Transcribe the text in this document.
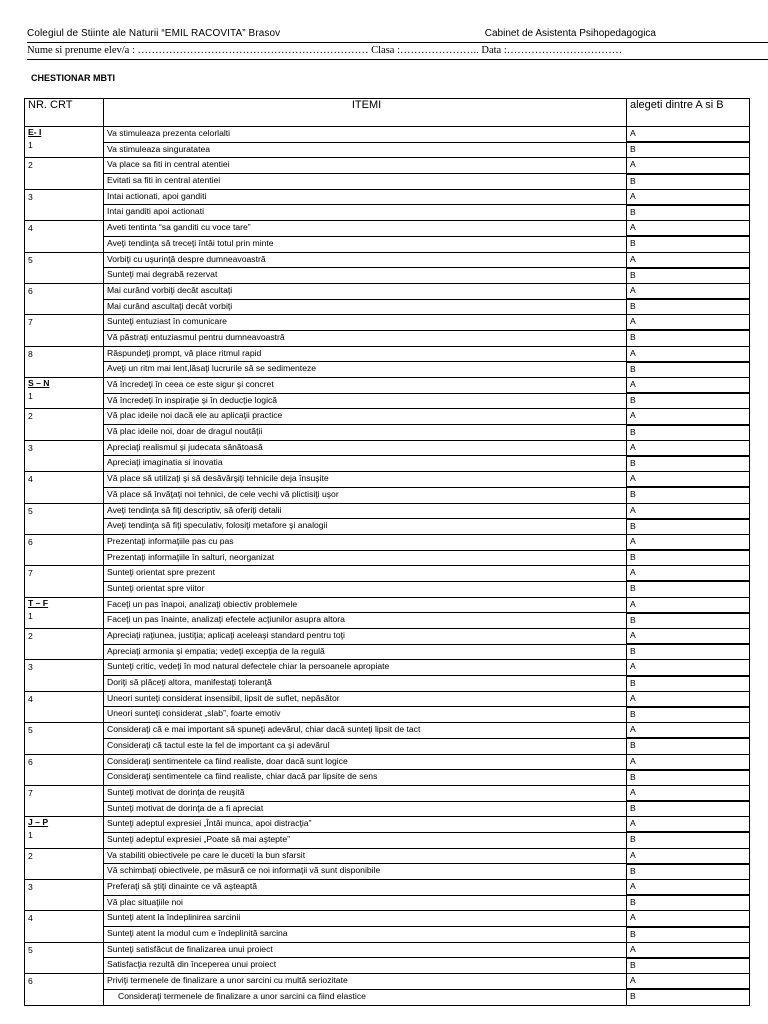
Colegiul de Stiinte ale Naturii “EMIL RACOVITA” Brasov	Cabinet de Asistenta Psihopedagogica
Nume si prenume elev/a : ………………………………………………………… Clasa :………………….. Data :……………………………
CHESTIONAR MBTI
NR. CRT	ITEMI	alegeti dintre A si B

E- I
1	Va stimuleaza prezenta celorlalti	A
	Va stimuleaza singuratatea	B

2	Va place sa fiti in central atentiei	A
	Evitati sa fiti in central atentiei	B

3	Intai actionati, apoi ganditi	A
	Intai ganditi apoi actionati	B

4	Aveti tentinta “sa ganditi cu voce tare”	A
	Aveţi tendinţa să treceţi întâi totul prin minte	B

5	Vorbiţi cu uşurinţă despre dumneavoastră	A
	Sunteţi mai degrabă rezervat	B

6	Mai curând vorbiţi decât ascultaţi	A
	Mai curând ascultaţi decât vorbiţi	B

7	Sunteţi entuziast în comunicare	A
	Vă păstraţi entuziasmul pentru dumneavoastră	B

8	Răspundeţi prompt, vă place ritmul rapid	A
	Aveţi un ritm mai lent,lăsaţi lucrurile să se sedimenteze	B

S – N
1	Vă încredeţi în ceea ce este sigur şi concret	A
	Vă încredeţi în inspiraţie şi în deducţie logică	B

2	Vă plac ideile noi dacă ele au aplicaţii practice	A
	Vă plac ideile noi, doar de dragul noutăţii	B

3	Apreciaţi realismul şi judecata sănătoasă	A
	Apreciaţi imaginatia si inovatia	B

4	Vă place să utilizaţi şi să desăvârşiţi tehnicile deja însuşite	A
	Vă place să învăţaţi noi tehnici, de cele vechi vă plictisiţi uşor	B

5	Aveţi tendinţa să fiţi descriptiv, să oferiţi detalii	A
	Aveţi tendinţa să fiţi speculativ, folosiţi metafore şi analogii	B

6	Prezentaţi informaţiile pas cu pas	A
	Prezentaţi informaţiile în salturi, neorganizat	B

7	Sunteţi orientat spre prezent	A
	Sunteţi orientat spre viitor	B

T – F
1	Faceţi un pas înapoi, analizaţi obiectiv problemele	A
	Faceţi un pas înainte, analizaţi efectele acţiunilor asupra altora	B

2	Apreciaţi raţiunea, justiţia; aplicaţi aceleaşi standard pentru toţi	A
	Apreciaţi armonia şi empatia; vedeţi excepţia de la regulă	B

3	Sunteţi critic, vedeţi în mod natural defectele chiar la persoanele apropiate	A
	Doriţi să plăceţi altora, manifestaţi toleranţă	B

4	Uneori sunteţi considerat insensibil, lipsit de suflet, nepăsător	A
	Uneori sunteţi considerat „slab”, foarte emotiv	B

5	Consideraţi că e mai important să spuneţi adevărul, chiar dacă sunteţi lipsit de tact	A
	Consideraţi că tactul este la fel de important ca şi adevărul	B

6	Consideraţi sentimentele ca fiind realiste, doar dacă sunt logice	A
	Consideraţi sentimentele ca fiind realiste, chiar dacă par lipsite de sens	B

7	Sunteţi motivat de dorinţa de reuşită	A
	Sunteţi motivat de dorinţa de a fi apreciat	B

J – P
1	Sunteţi adeptul expresiei „Întâi munca, apoi distracţia”	A
	Sunteţi adeptul expresiei „Poate să mai aştepte”	B

2	Va stabiliti obiectivele pe care le duceti la bun sfarsit	A
	Vă schimbaţi obiectivele, pe măsură ce noi informaţii vă sunt disponibile	B

3	Preferaţi să ştiţi dinainte ce vă aşteaptă	A
	Vă plac situaţiile noi	B

4	Sunteţi atent la îndeplinirea sarcinii	A
	Sunteţi atent la modul cum e îndeplinită sarcina	B

5	Sunteţi satisfăcut de finalizarea unui proiect	A
	Satisfacţia rezultă din începerea unui proiect	B

6	Priviţi termenele de finalizare a unor sarcini cu multă seriozitate	A
	Consideraţi termenele de finalizare a unor sarcini ca fiind elastice	B
